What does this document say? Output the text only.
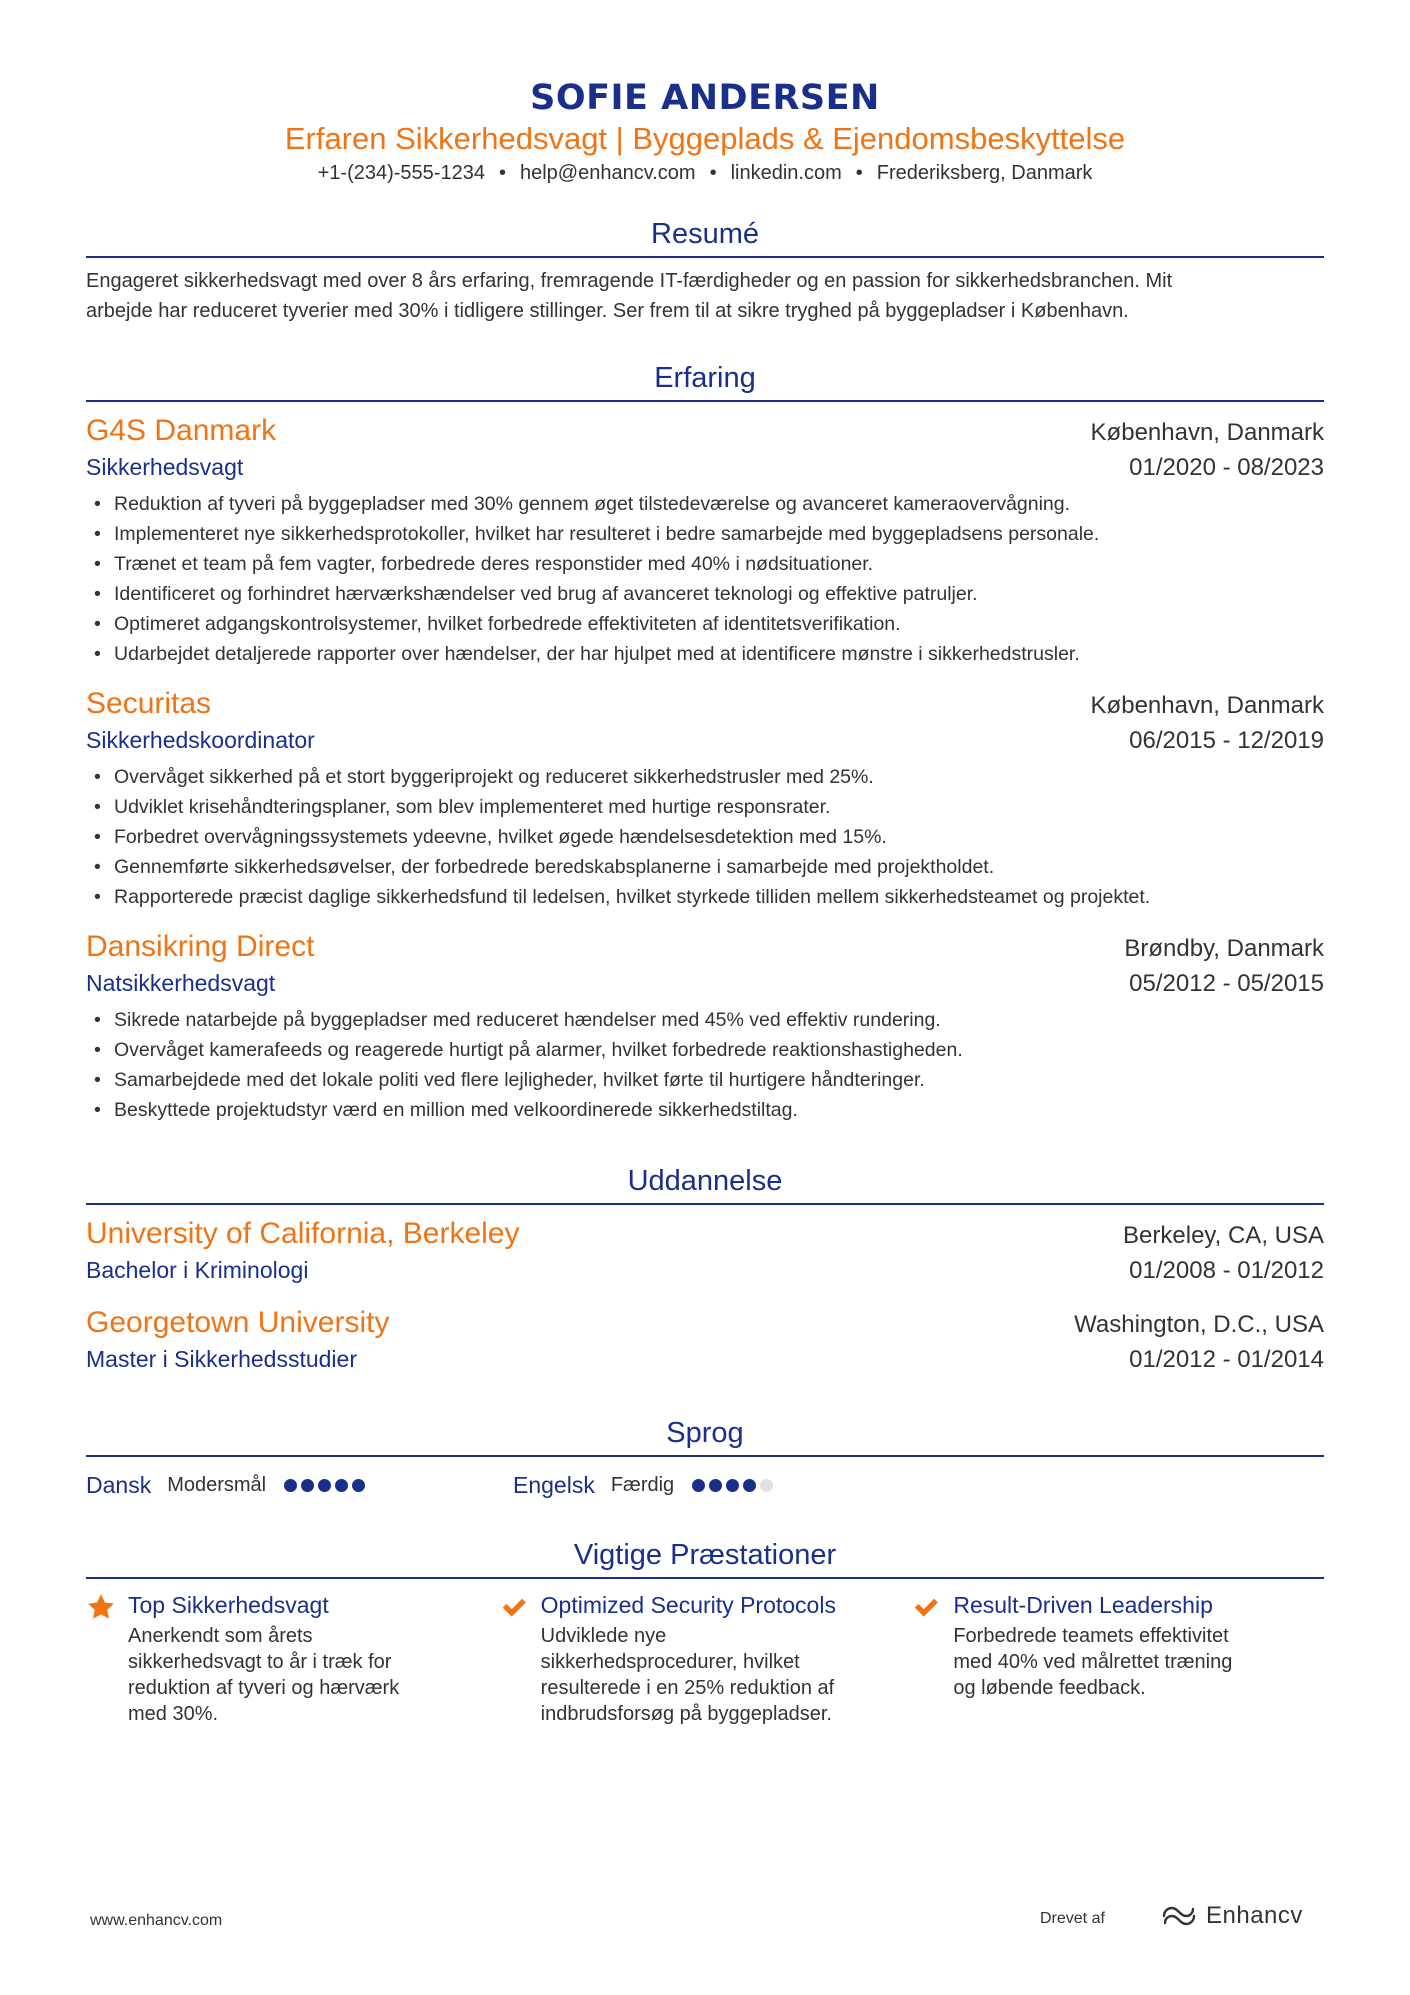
SOFIE ANDERSEN
Erfaren Sikkerhedsvagt | Byggeplads & Ejendomsbeskyttelse
+1-(234)-555-1234 • help@enhancv.com • linkedin.com • Frederiksberg, Danmark
Resumé
Engageret sikkerhedsvagt med over 8 års erfaring, fremragende IT-færdigheder og en passion for sikkerhedsbranchen. Mit
arbejde har reduceret tyverier med 30% i tidligere stillinger. Ser frem til at sikre tryghed på byggepladser i København.
Erfaring
G4S Danmark	København, Danmark
Sikkerhedsvagt	01/2020 - 08/2023
• Reduktion af tyveri på byggepladser med 30% gennem øget tilstedeværelse og avanceret kameraovervågning.
• Implementeret nye sikkerhedsprotokoller, hvilket har resulteret i bedre samarbejde med byggepladsens personale.
• Trænet et team på fem vagter, forbedrede deres responstider med 40% i nødsituationer.
• Identificeret og forhindret hærværkshændelser ved brug af avanceret teknologi og effektive patruljer.
• Optimeret adgangskontrolsystemer, hvilket forbedrede effektiviteten af identitetsverifikation.
• Udarbejdet detaljerede rapporter over hændelser, der har hjulpet med at identificere mønstre i sikkerhedstrusler.
Securitas	København, Danmark
Sikkerhedskoordinator	06/2015 - 12/2019
• Overvåget sikkerhed på et stort byggeriprojekt og reduceret sikkerhedstrusler med 25%.
• Udviklet krisehåndteringsplaner, som blev implementeret med hurtige responsrater.
• Forbedret overvågningssystemets ydeevne, hvilket øgede hændelsesdetektion med 15%.
• Gennemførte sikkerhedsøvelser, der forbedrede beredskabsplanerne i samarbejde med projektholdet.
• Rapporterede præcist daglige sikkerhedsfund til ledelsen, hvilket styrkede tilliden mellem sikkerhedsteamet og projektet.
Dansikring Direct	Brøndby, Danmark
Natsikkerhedsvagt	05/2012 - 05/2015
• Sikrede natarbejde på byggepladser med reduceret hændelser med 45% ved effektiv rundering.
• Overvåget kamerafeeds og reagerede hurtigt på alarmer, hvilket forbedrede reaktionshastigheden.
• Samarbejdede med det lokale politi ved flere lejligheder, hvilket førte til hurtigere håndteringer.
• Beskyttede projektudstyr værd en million med velkoordinerede sikkerhedstiltag.
Uddannelse
University of California, Berkeley	Berkeley, CA, USA
Bachelor i Kriminologi	01/2008 - 01/2012
Georgetown University	Washington, D.C., USA
Master i Sikkerhedsstudier	01/2012 - 01/2014
Sprog
Dansk Modersmål	Engelsk Færdig
Vigtige Præstationer
Top Sikkerhedsvagt
Anerkendt som årets
sikkerhedsvagt to år i træk for
reduktion af tyveri og hærværk
med 30%.
Optimized Security Protocols
Udviklede nye
sikkerhedsprocedurer, hvilket
resulterede i en 25% reduktion af
indbrudsforsøg på byggepladser.
Result-Driven Leadership
Forbedrede teamets effektivitet
med 40% ved målrettet træning
og løbende feedback.
www.enhancv.com	Drevet af	Enhancv
